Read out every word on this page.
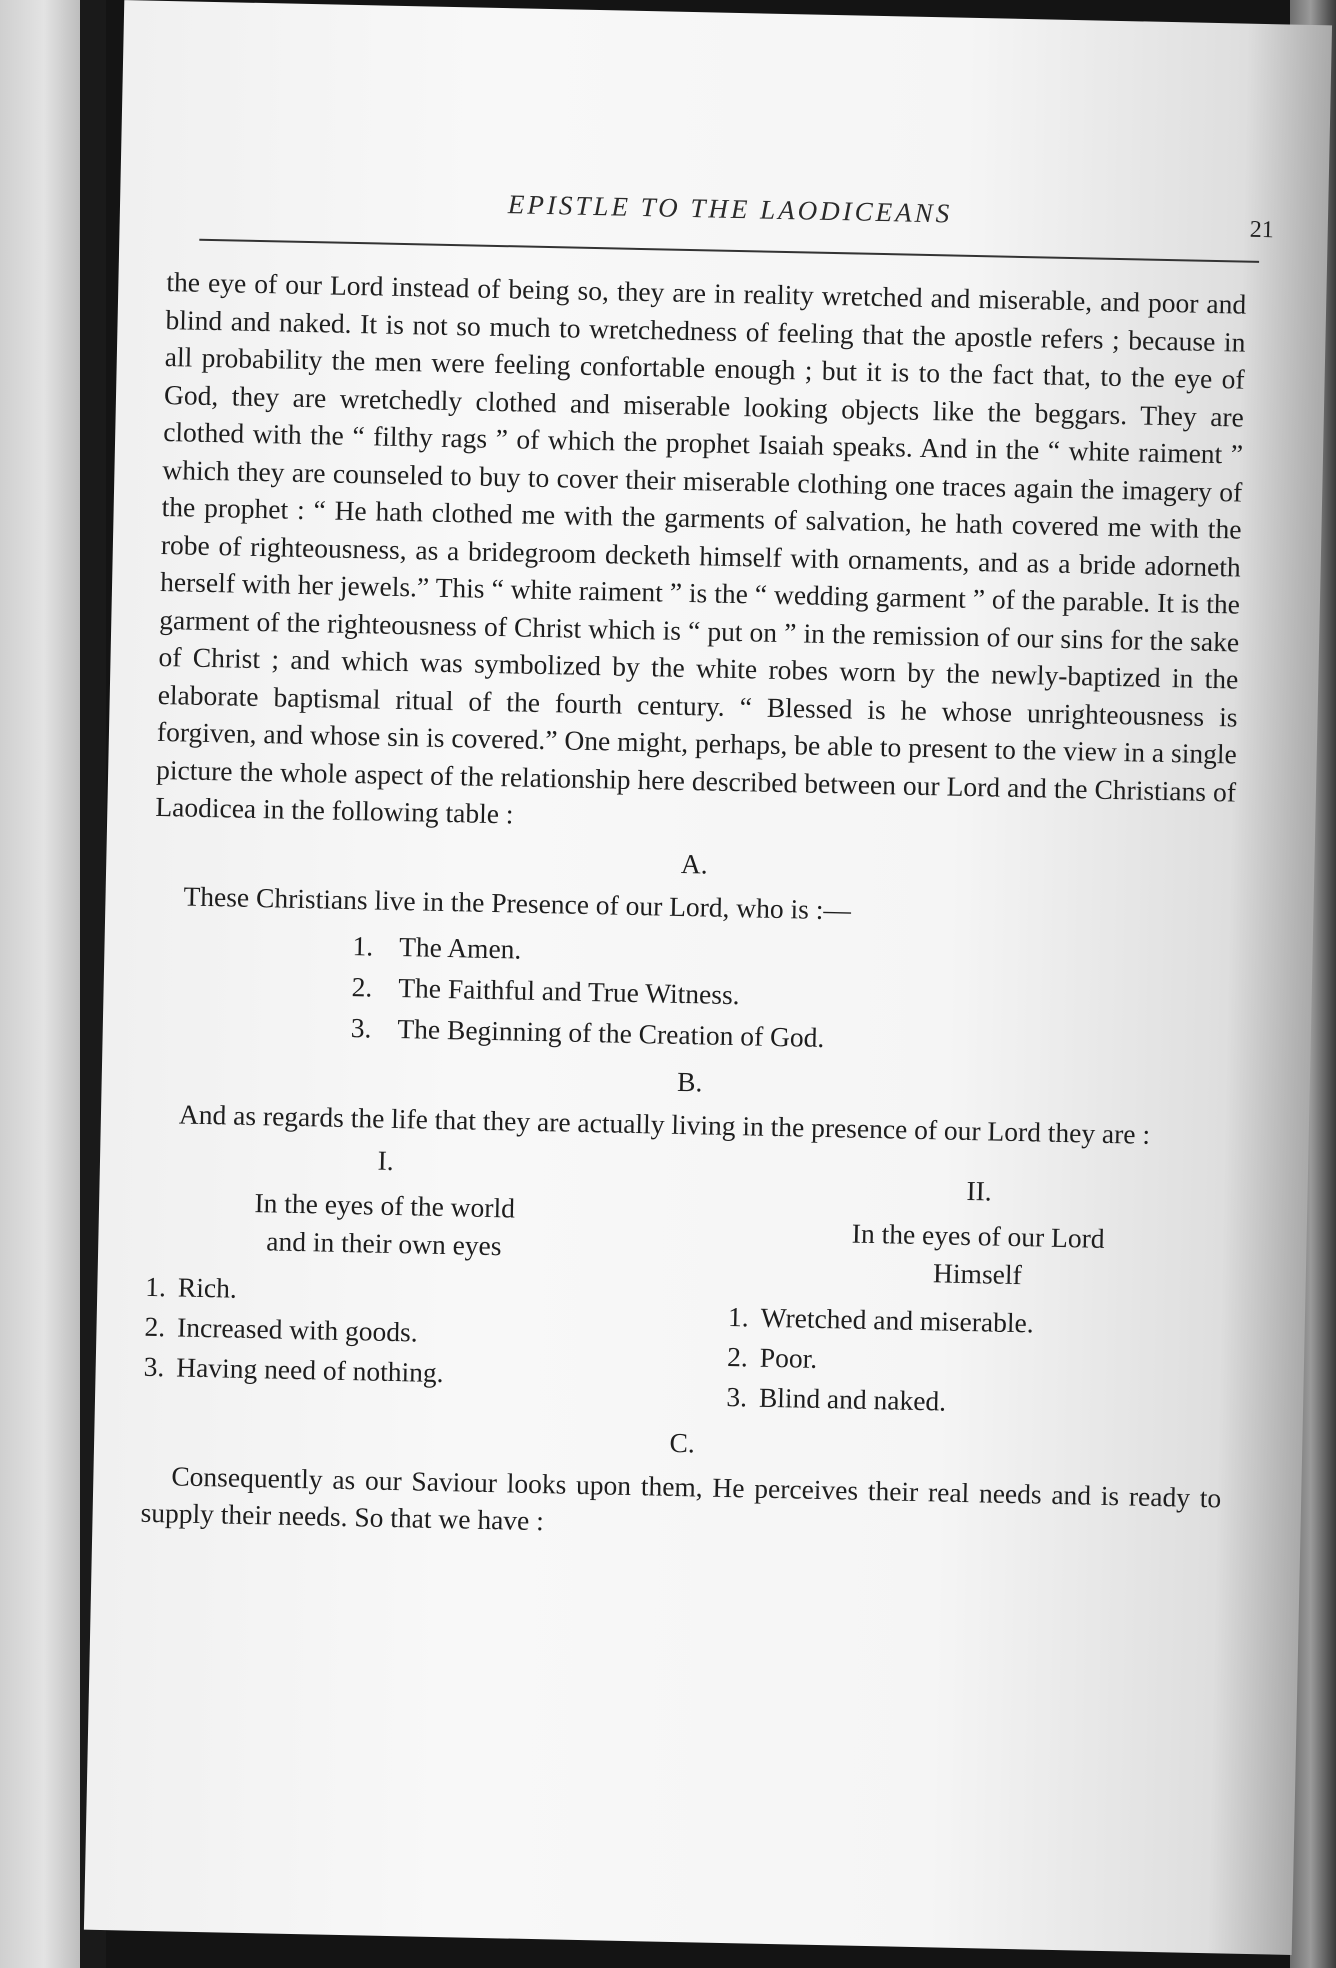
EPISTLE TO THE LAODICEANS
21

the eye of our Lord instead of being so, they are in reality wretched and miserable, and poor and blind and naked. It is not so much to wretchedness of feeling that the apostle refers ; because in all probability the men were feeling confortable enough ; but it is to the fact that, to the eye of God, they are wretchedly clothed and miserable looking objects like the beggars. They are clothed with the “ filthy rags ” of which the prophet Isaiah speaks. And in the “ white raiment ” which they are counseled to buy to cover their miserable clothing one traces again the imagery of the prophet : “ He hath clothed me with the garments of salvation, he hath covered me with the robe of righteousness, as a bridegroom decketh himself with ornaments, and as a bride adorneth herself with her jewels.” This “ white raiment ” is the “ wedding garment ” of the parable. It is the garment of the righteousness of Christ which is “ put on ” in the remission of our sins for the sake of Christ ; and which was symbolized by the white robes worn by the newly-baptized in the elaborate baptismal ritual of the fourth century. “ Blessed is he whose unrighteousness is forgiven, and whose sin is covered.” One might, perhaps, be able to present to the view in a single picture the whole aspect of the relationship here described between our Lord and the Christians of Laodicea in the following table :

A.

These Christians live in the Presence of our Lord, who is :—

1. The Amen.
2. The Faithful and True Witness.
3. The Beginning of the Creation of God.
B.

And as regards the life that they are actually living in the presence of our Lord they are :

I.
In the eyes of the world
and in their own eyes
1. Rich.
2. Increased with goods.
3. Having need of nothing.
II.
In the eyes of our Lord
Himself
1. Wretched and miserable.
2. Poor.
3. Blind and naked.
C.

Consequently as our Saviour looks upon them, He perceives their real needs and is ready to supply their needs. So that we have :
